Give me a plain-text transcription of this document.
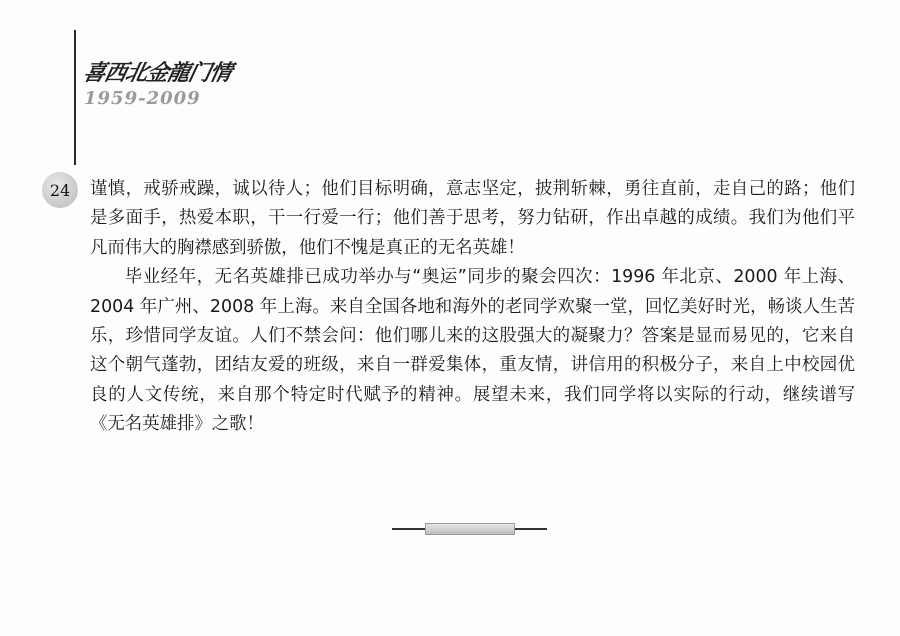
喜西北金龍门情
1959-2009
24 谨慎，戒骄戒躁，诚以待人；他们目标明确，意志坚定，披荆斩棘，勇往直前，走自己的路；他们是多面手，热爱本职，干一行爱一行；他们善于思考，努力钻研，作出卓越的成绩。我们为他们平凡而伟大的胸襟感到骄傲，他们不愧是真正的无名英雄！

毕业经年，无名英雄排已成功举办与“奥运”同步的聚会四次：1996 年北京、2000 年上海、2004 年广州、2008 年上海。来自全国各地和海外的老同学欢聚一堂，回忆美好时光，畅谈人生苦乐，珍惜同学友谊。人们不禁会问：他们哪儿来的这股强大的凝聚力？答案是显而易见的，它来自这个朝气蓬勃，团结友爱的班级，来自一群爱集体，重友情，讲信用的积极分子，来自上中校园优良的人文传统，来自那个特定时代赋予的精神。展望未来，我们同学将以实际的行动，继续谱写《无名英雄排》之歌！
